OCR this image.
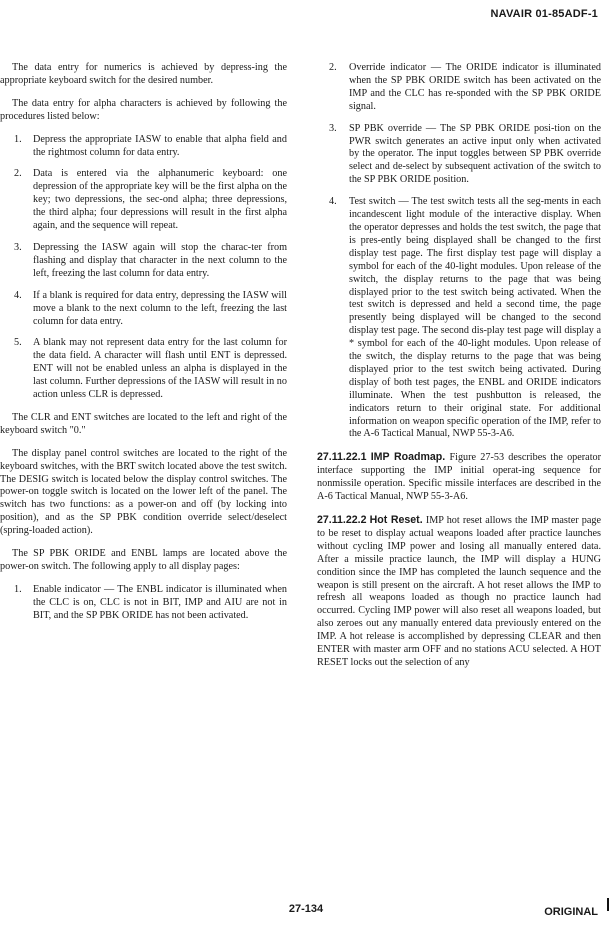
NAVAIR 01-85ADF-1

The data entry for numerics is achieved by depress-ing the appropriate keyboard switch for the desired number.

The data entry for alpha characters is achieved by following the procedures listed below:

1. Depress the appropriate IASW to enable that alpha field and the rightmost column for data entry.
2. Data is entered via the alphanumeric keyboard: one depression of the appropriate key will be the first alpha on the key; two depressions, the sec-ond alpha; three depressions, the third alpha; four depressions will result in the first alpha again, and the sequence will repeat.
3. Depressing the IASW again will stop the charac-ter from flashing and display that character in the next column to the left, freezing the last column for data entry.
4. If a blank is required for data entry, depressing the IASW will move a blank to the next column to the left, freezing the last column for data entry.
5. A blank may not represent data entry for the last column for the data field. A character will flash until ENT is depressed. ENT will not be enabled unless an alpha is displayed in the last column. Further depressions of the IASW will result in no action unless CLR is depressed.

The CLR and ENT switches are located to the left and right of the keyboard switch "0."

The display panel control switches are located to the right of the keyboard switches, with the BRT switch located above the test switch. The DESIG switch is located below the display control switches. The power-on toggle switch is located on the lower left of the panel. The switch has two functions: as a power-on and off (by locking into position), and as the SP PBK condition override select/deselect (spring-loaded action).

The SP PBK ORIDE and ENBL lamps are located above the power-on switch. The following apply to all display pages:

1. Enable indicator — The ENBL indicator is illuminated when the CLC is on, CLC is not in BIT, IMP and AIU are not in BIT, and the SP PBK ORIDE has not been activated.
2. Override indicator — The ORIDE indicator is illuminated when the SP PBK ORIDE switch has been activated on the IMP and the CLC has re-sponded with the SP PBK ORIDE signal.
3. SP PBK override — The SP PBK ORIDE posi-tion on the PWR switch generates an active input only when activated by the operator. The input toggles between SP PBK override select and de-select by subsequent activation of the switch to the SP PBK ORIDE position.
4. Test switch — The test switch tests all the seg-ments in each incandescent light module of the interactive display. When the operator depresses and holds the test switch, the page that is pres-ently being displayed shall be changed to the first display test page. The first display test page will display a symbol for each of the 40-light modules. Upon release of the switch, the display returns to the page that was being displayed prior to the test switch being activated. When the test switch is depressed and held a second time, the page presently being displayed will be changed to the second display test page. The second dis-play test page will display a * symbol for each of the 40-light modules. Upon release of the switch, the display returns to the page that was being displayed prior to the test switch being activated. During display of both test pages, the ENBL and ORIDE indicators illuminate. When the test pushbutton is released, the indicators return to their original state. For additional information on weapon specific operation of the IMP, refer to the A-6 Tactical Manual, NWP 55-3-A6.

27.11.22.1 IMP Roadmap. Figure 27-53 describes the operator interface supporting the IMP initial operat-ing sequence for nonmissile operation. Specific missile interfaces are described in the A-6 Tactical Manual, NWP 55-3-A6.

27.11.22.2 Hot Reset. IMP hot reset allows the IMP master page to be reset to display actual weapons loaded after practice launches without cycling IMP power and losing all manually entered data. After a missile practice launch, the IMP will display a HUNG condition since the IMP has completed the launch sequence and the weapon is still present on the aircraft. A hot reset allows the IMP to refresh all weapons loaded as though no practice launch had occurred. Cycling IMP power will also reset all weapons loaded, but also zeroes out any manually entered data previously entered on the IMP. A hot release is accomplished by depressing CLEAR and then ENTER with master arm OFF and no stations ACU selected. A HOT RESET locks out the selection of any

27-134	ORIGINAL
